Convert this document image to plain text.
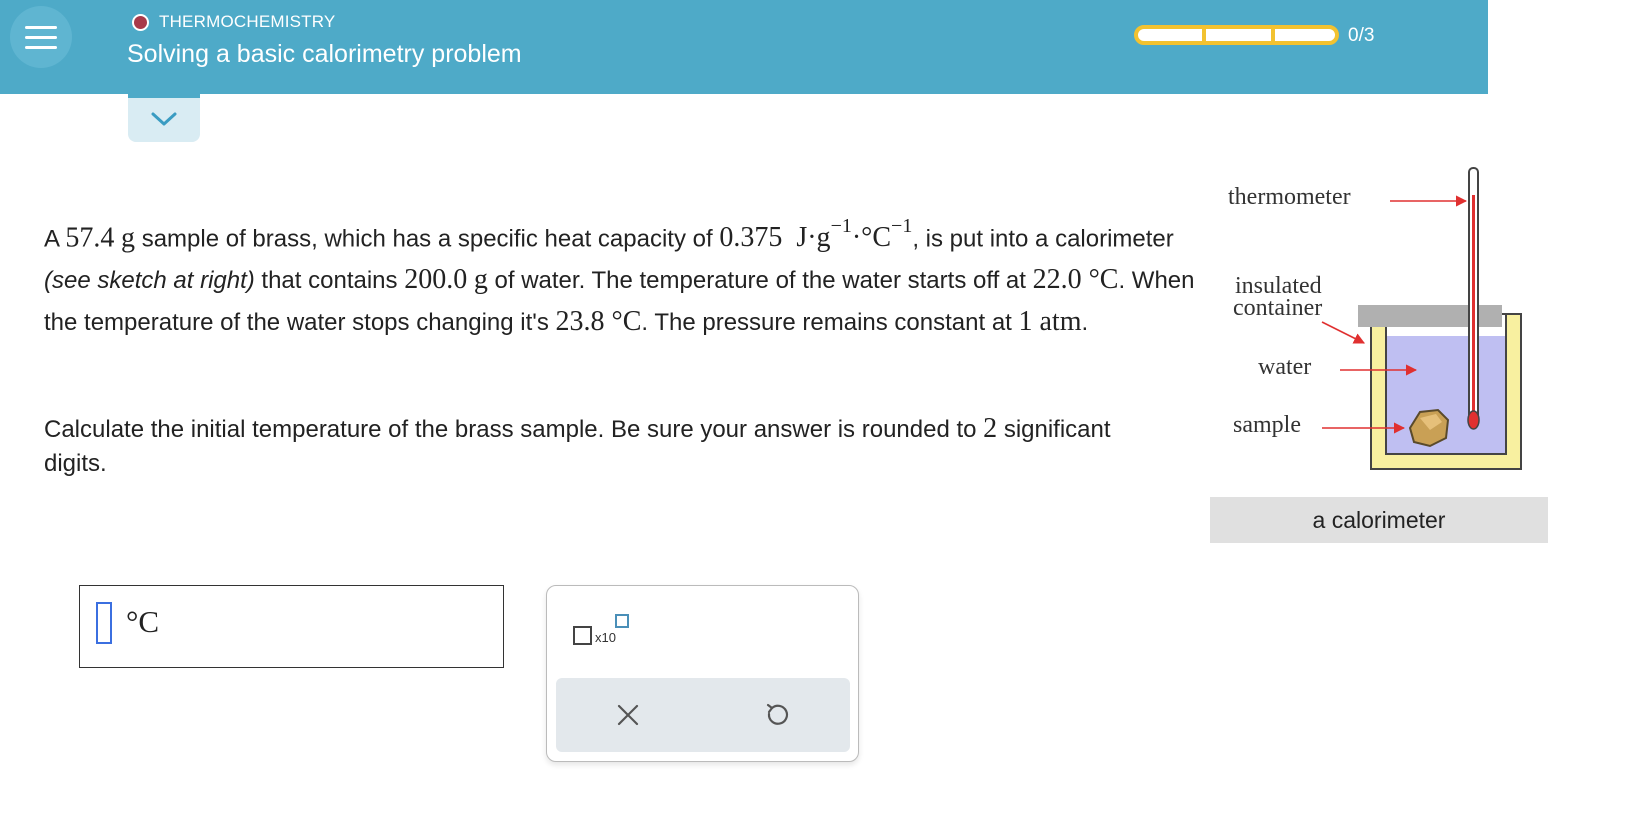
THERMOCHEMISTRY
Solving a basic calorimetry problem
0/3

A 57.4 g sample of brass, which has a specific heat capacity of 0.375 $J\cdot g^{-1}\cdot^\circ C^{-1}$, is put into a calorimeter (see sketch at right) that contains 200.0 g of water. The temperature of the water starts off at 22.0 °C. When the temperature of the water stops changing it's 23.8 °C. The pressure remains constant at 1 atm.

Calculate the initial temperature of the brass sample. Be sure your answer is rounded to 2 significant digits.

°C	x10
thermometer
insulated
container
water
sample
a calorimeter
